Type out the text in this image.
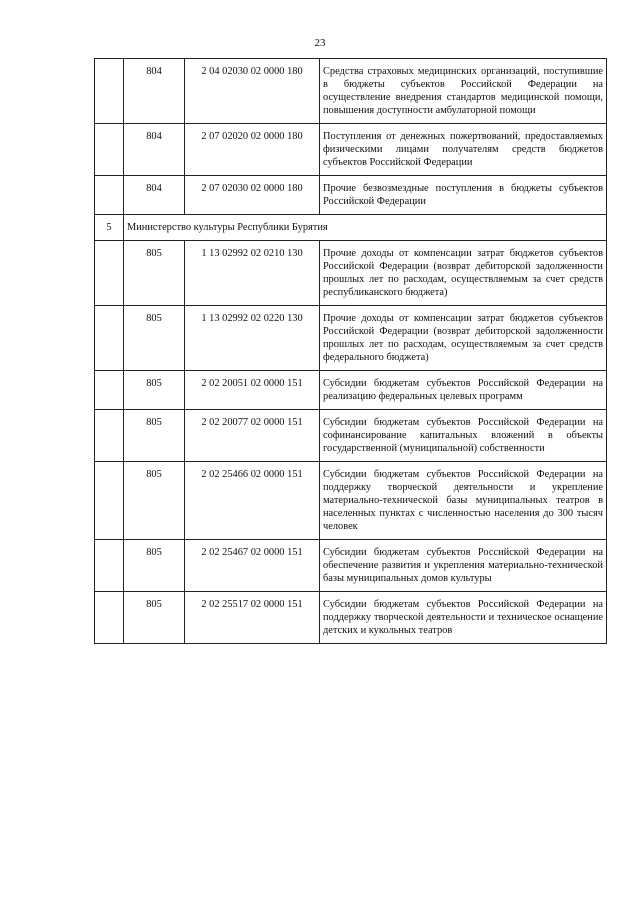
23
	804	2 04 02030 02 0000 180	Средства страховых медицинских организаций, поступившие в бюджеты субъектов Российской Федерации на осуществление внедрения стандартов медицинской помощи, повышения доступности амбулаторной помощи
	804	2 07 02020 02 0000 180	Поступления от денежных пожертвований, предоставляемых физическими лицами получателям средств бюджетов субъектов Российской Федерации
	804	2 07 02030 02 0000 180	Прочие безвозмездные поступления в бюджеты субъектов Российской Федерации
5	Министерство культуры Республики Бурятия		
	805	1 13 02992 02 0210 130	Прочие доходы от компенсации затрат бюджетов субъектов Российской Федерации (возврат дебиторской задолженности прошлых лет по расходам, осуществляемым за счет средств республиканского бюджета)
	805	1 13 02992 02 0220 130	Прочие доходы от компенсации затрат бюджетов субъектов Российской Федерации (возврат дебиторской задолженности прошлых лет по расходам, осуществляемым за счет средств федерального бюджета)
	805	2 02 20051 02 0000 151	Субсидии бюджетам субъектов Российской Федерации на реализацию федеральных целевых программ
	805	2 02 20077 02 0000 151	Субсидии бюджетам субъектов Российской Федерации на софинансирование капитальных вложений в объекты государственной (муниципальной) собственности
	805	2 02 25466 02 0000 151	Субсидии бюджетам субъектов Российской Федерации на поддержку творческой деятельности и укрепление материально-технической базы муниципальных театров в населенных пунктах с численностью населения до 300 тысяч человек
	805	2 02 25467 02 0000 151	Субсидии бюджетам субъектов Российской Федерации на обеспечение развития и укрепления материально-технической базы муниципальных домов культуры
	805	2 02 25517 02 0000 151	Субсидии бюджетам субъектов Российской Федерации на поддержку творческой деятельности и техническое оснащение детских и кукольных театров
